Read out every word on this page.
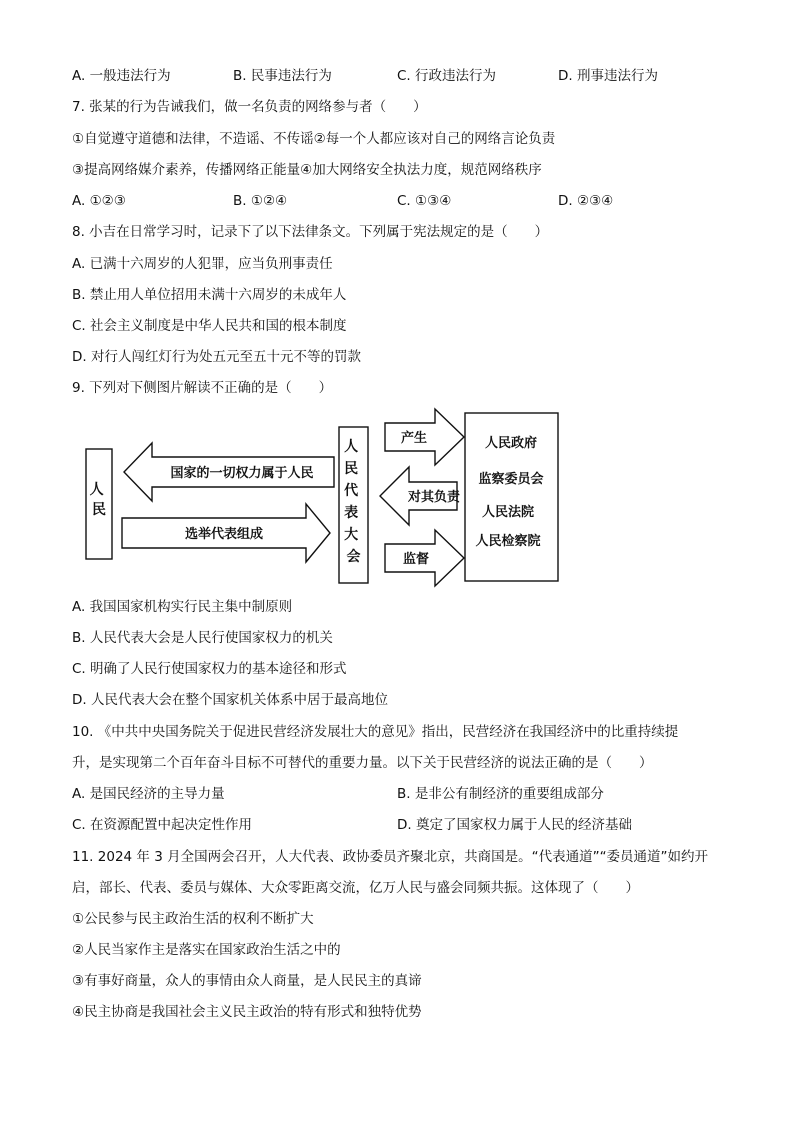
A. 一般违法行为	B. 民事违法行为	C. 行政违法行为	D. 刑事违法行为
7. 张某的行为告诫我们，做一名负责的网络参与者（　　）
①自觉遵守道德和法律，不造谣、不传谣②每一个人都应该对自己的网络言论负责
③提高网络媒介素养，传播网络正能量④加大网络安全执法力度，规范网络秩序
A. ①②③	B. ①②④	C. ①③④	D. ②③④
8. 小吉在日常学习时，记录下了以下法律条文。下列属于宪法规定的是（　　）
A. 已满十六周岁的人犯罪，应当负刑事责任
B. 禁止用人单位招用未满十六周岁的未成年人
C. 社会主义制度是中华人民共和国的根本制度
D. 对行人闯红灯行为处五元至五十元不等的罚款
9. 下列对下侧图片解读不正确的是（　　）
人 民
国家的一切权力属于人民
选举代表组成
人 民 代 表 大 会
产生
对其负责
监督
人民政府
监察委员会
人民法院
人民检察院
A. 我国国家机构实行民主集中制原则
B. 人民代表大会是人民行使国家权力的机关
C. 明确了人民行使国家权力的基本途径和形式
D. 人民代表大会在整个国家机关体系中居于最高地位
10. 《中共中央国务院关于促进民营经济发展壮大的意见》指出，民营经济在我国经济中的比重持续提
升，是实现第二个百年奋斗目标不可替代的重要力量。以下关于民营经济的说法正确的是（　　）
A. 是国民经济的主导力量	B. 是非公有制经济的重要组成部分
C. 在资源配置中起决定性作用	D. 奠定了国家权力属于人民的经济基础
11. 2024 年 3 月全国两会召开，人大代表、政协委员齐聚北京，共商国是。“代表通道”“委员通道”如约开
启，部长、代表、委员与媒体、大众零距离交流，亿万人民与盛会同频共振。这体现了（　　）
①公民参与民主政治生活的权利不断扩大
②人民当家作主是落实在国家政治生活之中的
③有事好商量，众人的事情由众人商量，是人民民主的真谛
④民主协商是我国社会主义民主政治的特有形式和独特优势
